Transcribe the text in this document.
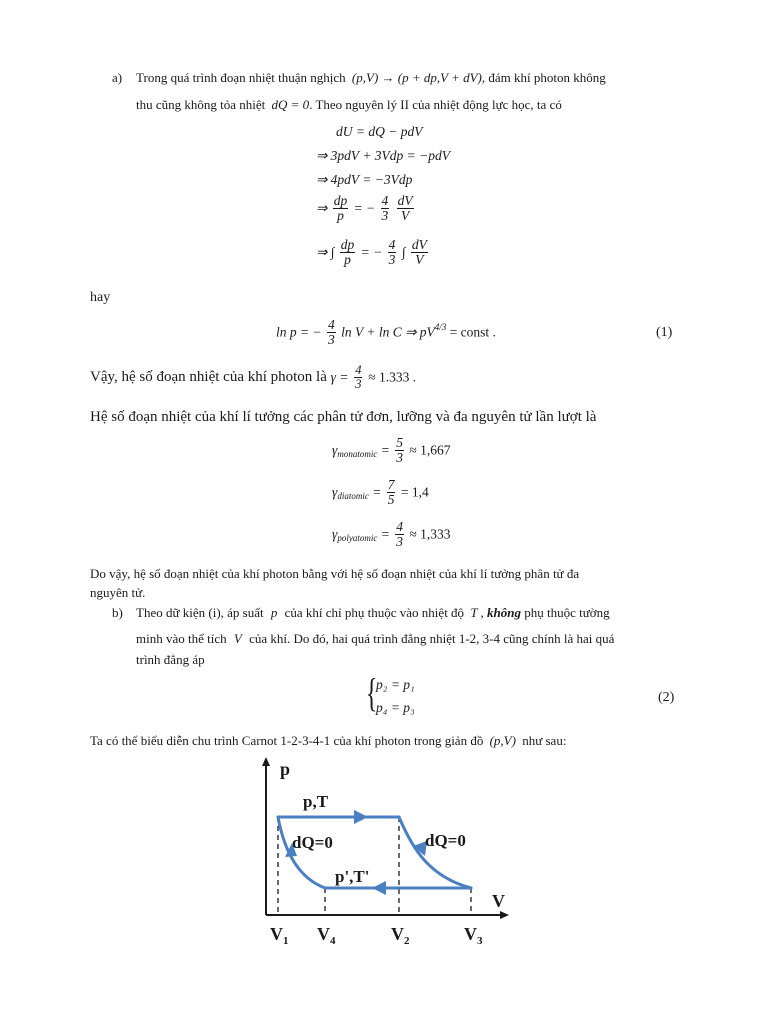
a) Trong quá trình đoạn nhiệt thuận nghịch (p,V) → (p + dp,V + dV), đám khí photon không
thu cũng không tỏa nhiệt dQ = 0. Theo nguyên lý II của nhiệt động lực học, ta có
dU = dQ − pdV
⇒ 3pdV + 3Vdp = −pdV
⇒ 4pdV = −3Vdp
⇒ $\frac{dp}{p}$ = − $\frac{4}{3}$
$\frac{dV}{V}$
⇒ ∫ $\frac{dp}{p}$ = − $\frac{4}{3}$ ∫ $\frac{dV}{V}$
hay
ln p = − $\frac{4}{3}$ ln V + ln C ⇒ $pV^{4/3}$ = const .	(1)
Vậy, hệ số đoạn nhiệt của khí photon là $\gamma = \frac{4}{3} \approx 1.333$ .
Hệ số đoạn nhiệt của khí lí tưởng các phân tử đơn, lưỡng và đa nguyên tử lần lượt là
$\gamma_{monatomic} = \frac{5}{3} \approx 1,667$
$\gamma_{diatomic} = \frac{7}{5} = 1,4$
$\gamma_{polyatomic} = \frac{4}{3} \approx 1,333$
Do vậy, hệ số đoạn nhiệt của khí photon bằng với hệ số đoạn nhiệt của khí lí tưởng phân tử đa
nguyên tử.
b) Theo dữ kiện (i), áp suất p của khí chỉ phụ thuộc vào nhiệt độ T , không phụ thuộc tường
minh vào thể tích V của khí. Do đó, hai quá trình đẳng nhiệt 1-2, 3-4 cũng chính là hai quá
trình đẳng áp
{
p₂ = p₁
p₄ = p₃
(2)
Ta có thể biểu diễn chu trình Carnot 1-2-3-4-1 của khí photon trong giản đồ (p,V) như sau:
p
V
p,T
dQ=0	dQ=0
p',T'
$V_1$ $V_4$	$V_2$	$V_3$
